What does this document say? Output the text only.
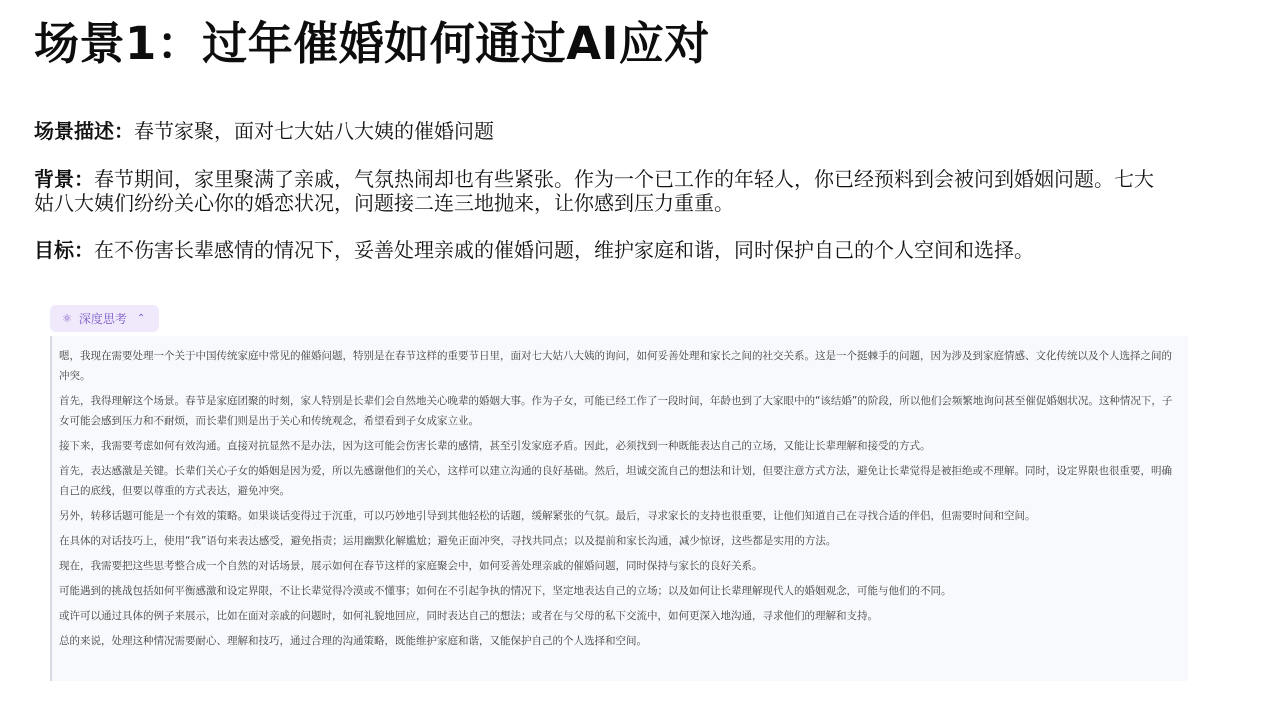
场景1：过年催婚如何通过AI应对

场景描述：春节家聚，面对七大姑八大姨的催婚问题

背景：春节期间，家里聚满了亲戚，气氛热闹却也有些紧张。作为一个已工作的年轻人，你已经预料到会被问到婚姻问题。七大姑八大姨们纷纷关心你的婚恋状况，问题接二连三地抛来，让你感到压力重重。

目标：在不伤害长辈感情的情况下，妥善处理亲戚的催婚问题，维护家庭和谐，同时保护自己的个人空间和选择。

⚛ 深度思考 ⌃

嗯，我现在需要处理一个关于中国传统家庭中常见的催婚问题，特别是在春节这样的重要节日里，面对七大姑八大姨的询问，如何妥善处理和家长之间的社交关系。这是一个挺棘手的问题，因为涉及到家庭情感、文化传统以及个人选择之间的冲突。

首先，我得理解这个场景。春节是家庭团聚的时刻，家人特别是长辈们会自然地关心晚辈的婚姻大事。作为子女，可能已经工作了一段时间，年龄也到了大家眼中的“该结婚”的阶段，所以他们会频繁地询问甚至催促婚姻状况。这种情况下，子女可能会感到压力和不耐烦，而长辈们则是出于关心和传统观念，希望看到子女成家立业。

接下来，我需要考虑如何有效沟通。直接对抗显然不是办法，因为这可能会伤害长辈的感情，甚至引发家庭矛盾。因此，必须找到一种既能表达自己的立场，又能让长辈理解和接受的方式。

首先，表达感激是关键。长辈们关心子女的婚姻是因为爱，所以先感谢他们的关心，这样可以建立沟通的良好基础。然后，坦诚交流自己的想法和计划，但要注意方式方法，避免让长辈觉得是被拒绝或不理解。同时，设定界限也很重要，明确自己的底线，但要以尊重的方式表达，避免冲突。

另外，转移话题可能是一个有效的策略。如果谈话变得过于沉重，可以巧妙地引导到其他轻松的话题，缓解紧张的气氛。最后，寻求家长的支持也很重要，让他们知道自己在寻找合适的伴侣，但需要时间和空间。

在具体的对话技巧上，使用“我”语句来表达感受，避免指责；运用幽默化解尴尬；避免正面冲突，寻找共同点；以及提前和家长沟通，减少惊讶，这些都是实用的方法。

现在，我需要把这些思考整合成一个自然的对话场景，展示如何在春节这样的家庭聚会中，如何妥善处理亲戚的催婚问题，同时保持与家长的良好关系。

可能遇到的挑战包括如何平衡感激和设定界限，不让长辈觉得冷漠或不懂事；如何在不引起争执的情况下，坚定地表达自己的立场；以及如何让长辈理解现代人的婚姻观念，可能与他们的不同。

或许可以通过具体的例子来展示，比如在面对亲戚的问题时，如何礼貌地回应，同时表达自己的想法；或者在与父母的私下交流中，如何更深入地沟通，寻求他们的理解和支持。

总的来说，处理这种情况需要耐心、理解和技巧，通过合理的沟通策略，既能维护家庭和谐，又能保护自己的个人选择和空间。
